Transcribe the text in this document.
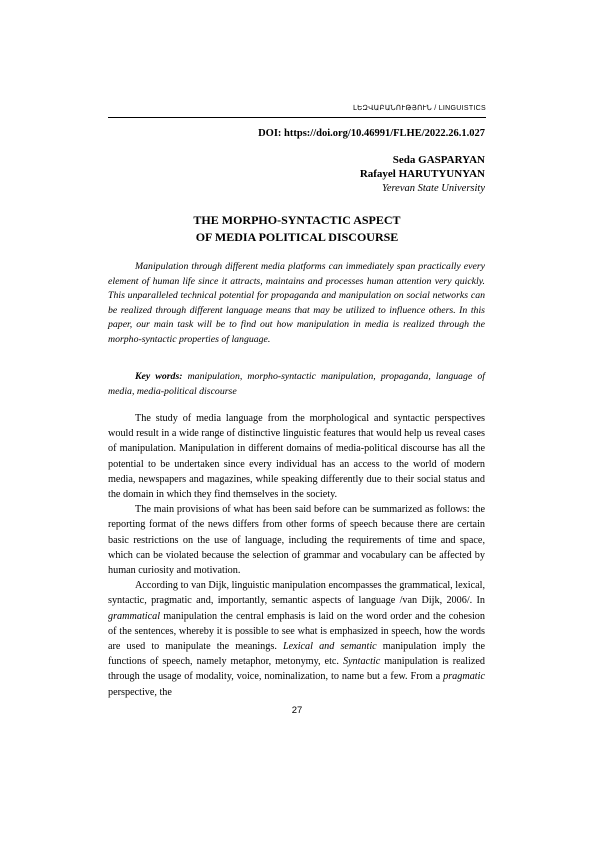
ԼԵԶՎԱԲԱՆՈՒԹՅՈՒՆ / LINGUISTICS
DOI: https://doi.org/10.46991/FLHE/2022.26.1.027
Seda GASPARYAN
Rafayel HARUTYUNYAN
Yerevan State University
THE MORPHO-SYNTACTIC ASPECT
OF MEDIA POLITICAL DISCOURSE

Manipulation through different media platforms can immediately span practically every element of human life since it attracts, maintains and processes human attention very quickly. This unparalleled technical potential for propaganda and manipulation on social networks can be realized through different language means that may be utilized to influence others. In this paper, our main task will be to find out how manipulation in media is realized through the morpho-syntactic properties of language.

Key words: manipulation, morpho-syntactic manipulation, propaganda, language of media, media-political discourse

The study of media language from the morphological and syntactic perspectives would result in a wide range of distinctive linguistic features that would help us reveal cases of manipulation. Manipulation in different domains of media-political discourse has all the potential to be undertaken since every individual has an access to the world of modern media, newspapers and magazines, while speaking differently due to their social status and the domain in which they find themselves in the society.

The main provisions of what has been said before can be summarized as follows: the reporting format of the news differs from other forms of speech because there are certain basic restrictions on the use of language, including the requirements of time and space, which can be violated because the selection of grammar and vocabulary can be affected by human curiosity and motivation.

According to van Dijk, linguistic manipulation encompasses the grammatical, lexical, syntactic, pragmatic and, importantly, semantic aspects of language /van Dijk, 2006/. In grammatical manipulation the central emphasis is laid on the word order and the cohesion of the sentences, whereby it is possible to see what is emphasized in speech, how the words are used to manipulate the meanings. Lexical and semantic manipulation imply the functions of speech, namely metaphor, metonymy, etc. Syntactic manipulation is realized through the usage of modality, voice, nominalization, to name but a few. From a pragmatic perspective, the

27
